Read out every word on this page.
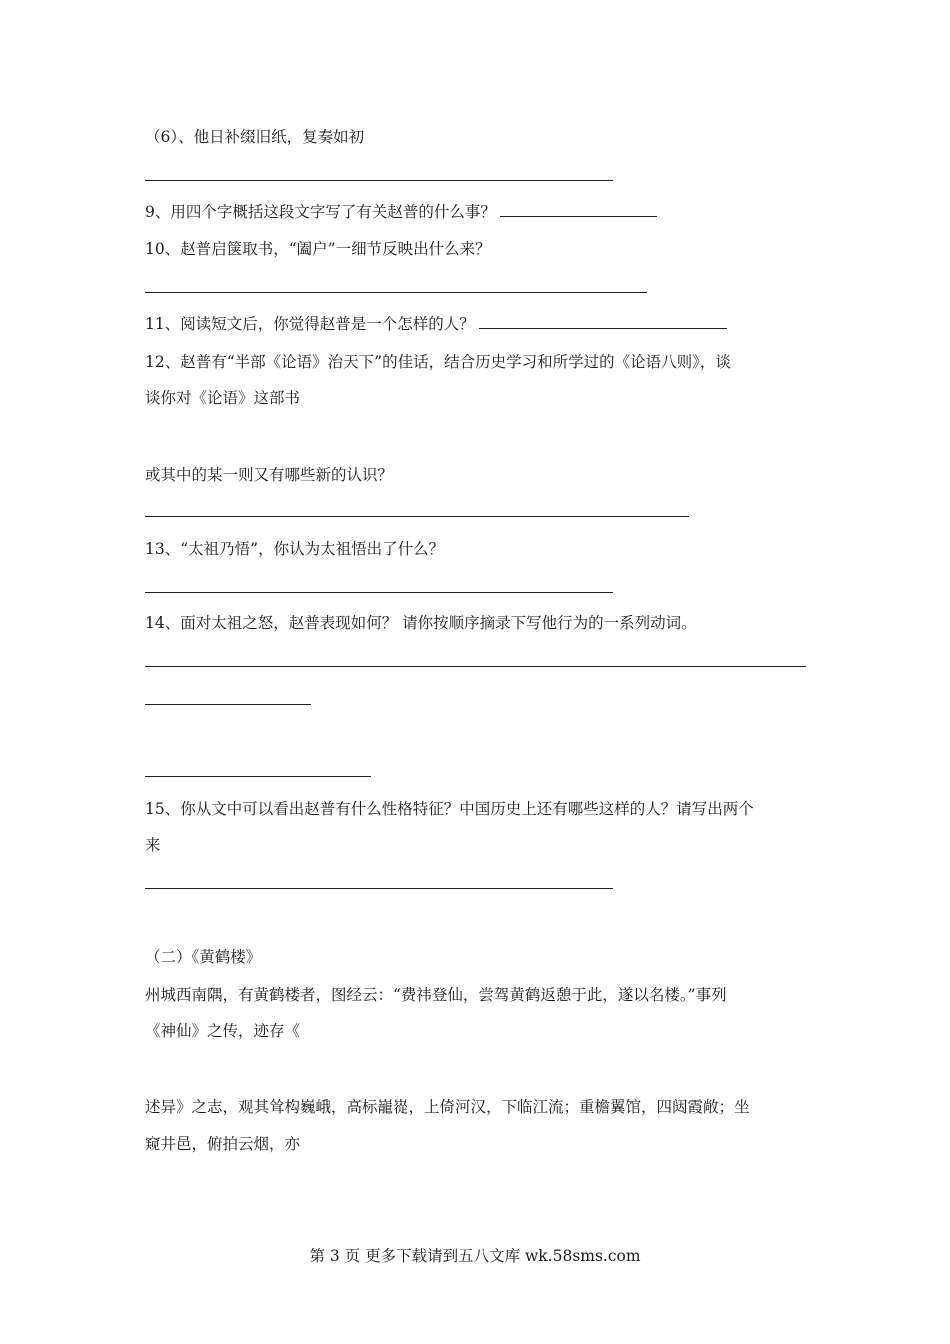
（6）、他日补缀旧纸，复奏如初
9、用四个字概括这段文字写了有关赵普的什么事？
10、赵普启箧取书，“阖户”一细节反映出什么来？
11、阅读短文后，你觉得赵普是一个怎样的人？
12、赵普有“半部《论语》治天下”的佳话，结合历史学习和所学过的《论语八则》，谈
谈你对《论语》这部书
或其中的某一则又有哪些新的认识？
13、“太祖乃悟”，你认为太祖悟出了什么？
14、面对太祖之怒，赵普表现如何？ 请你按顺序摘录下写他行为的一系列动词。
15、你从文中可以看出赵普有什么性格特征？中国历史上还有哪些这样的人？请写出两个
来
（二）《黄鹤楼》
州城西南隅，有黄鹤楼者，图经云：“费祎登仙，尝驾黄鹤返憩于此，遂以名楼。”事列
《神仙》之传，迹存《
述异》之志，观其耸构巍峨，高标巃嵸，上倚河汉，下临江流；重檐翼馆，四闼霞敞；坐
窥井邑，俯拍云烟，亦
第 3 页 更多下载请到五八文库 wk.58sms.com
